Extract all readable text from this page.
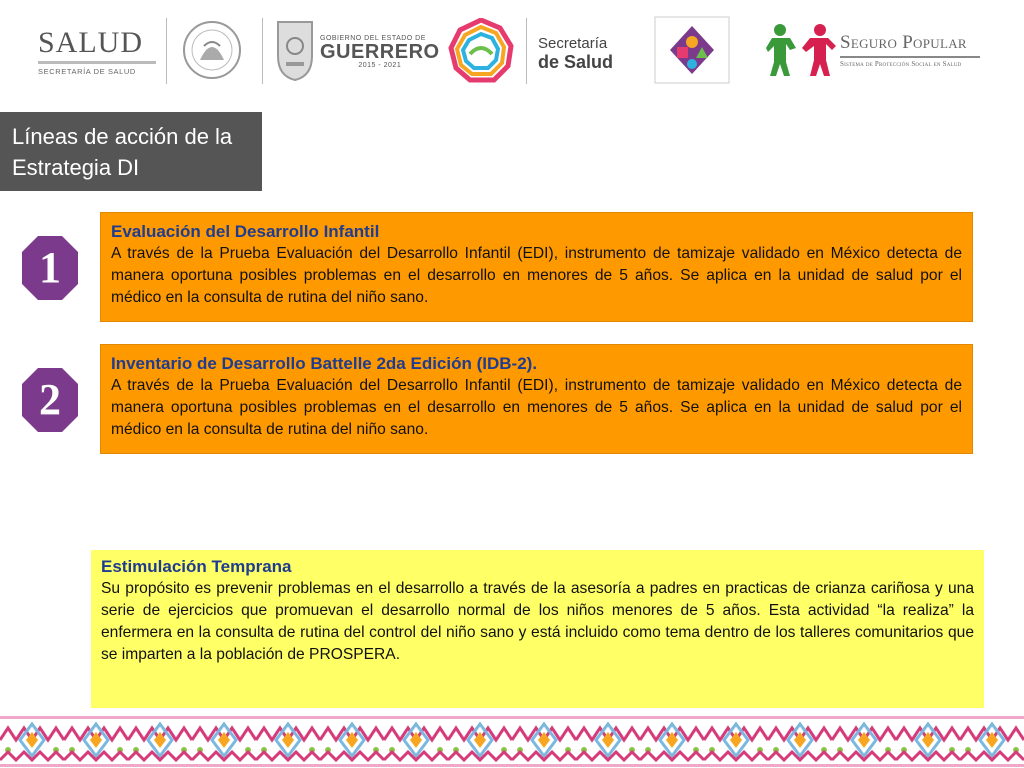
SALUD
SECRETARÍA DE SALUD
GOBIERNO DEL ESTADO DE
GUERRERO
2015 - 2021
Secretaría
de Salud
Seguro Popular
Sistema de Protección Social en Salud
Líneas de acción de la Estrategia DI
1
Evaluación del Desarrollo Infantil
A través de la Prueba Evaluación del Desarrollo Infantil (EDI), instrumento de tamizaje validado en México detecta de manera oportuna posibles problemas en el desarrollo en menores de 5 años. Se aplica en la unidad de salud por el médico en la consulta de rutina del niño sano.
2
Inventario de Desarrollo Battelle 2da Edición (IDB-2).
A través de la Prueba Evaluación del Desarrollo Infantil (EDI), instrumento de tamizaje validado en México detecta de manera oportuna posibles problemas en el desarrollo en menores de 5 años. Se aplica en la unidad de salud por el médico en la consulta de rutina del niño sano.
Estimulación Temprana
Su propósito es prevenir problemas en el desarrollo a través de la asesoría a padres en practicas de crianza cariñosa y una serie de ejercicios que promuevan el desarrollo normal de los niños menores de 5 años. Esta actividad “la realiza” la enfermera en la consulta de rutina del control del niño sano y está incluido como tema dentro de los talleres comunitarios que se imparten a la población de PROSPERA.
